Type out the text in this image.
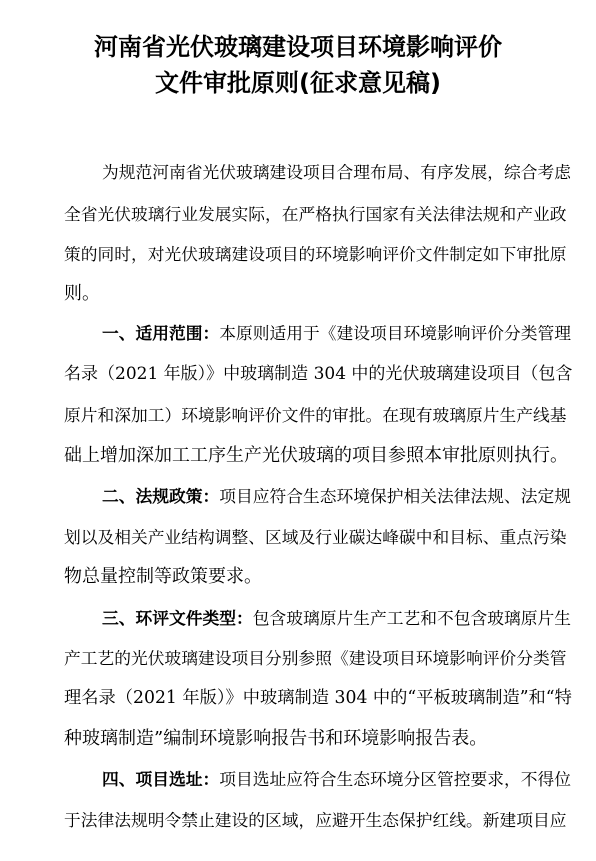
河南省光伏玻璃建设项目环境影响评价
文件审批原则(征求意见稿)

为规范河南省光伏玻璃建设项目合理布局、有序发展，综合考虑

全省光伏玻璃行业发展实际，在严格执行国家有关法律法规和产业政

策的同时，对光伏玻璃建设项目的环境影响评价文件制定如下审批原

则。

一、适用范围：本原则适用于《建设项目环境影响评价分类管理

名录（2021 年版）》中玻璃制造 304 中的光伏玻璃建设项目（包含

原片和深加工）环境影响评价文件的审批。在现有玻璃原片生产线基

础上增加深加工工序生产光伏玻璃的项目参照本审批原则执行。

二、法规政策：项目应符合生态环境保护相关法律法规、法定规

划以及相关产业结构调整、区域及行业碳达峰碳中和目标、重点污染

物总量控制等政策要求。

三、环评文件类型：包含玻璃原片生产工艺和不包含玻璃原片生

产工艺的光伏玻璃建设项目分别参照《建设项目环境影响评价分类管

理名录（2021 年版）》中玻璃制造 304 中的“平板玻璃制造”和“特

种玻璃制造”编制环境影响报告书和环境影响报告表。

四、项目选址：项目选址应符合生态环境分区管控要求，不得位

于法律法规明令禁止建设的区域，应避开生态保护红线。新建项目应
